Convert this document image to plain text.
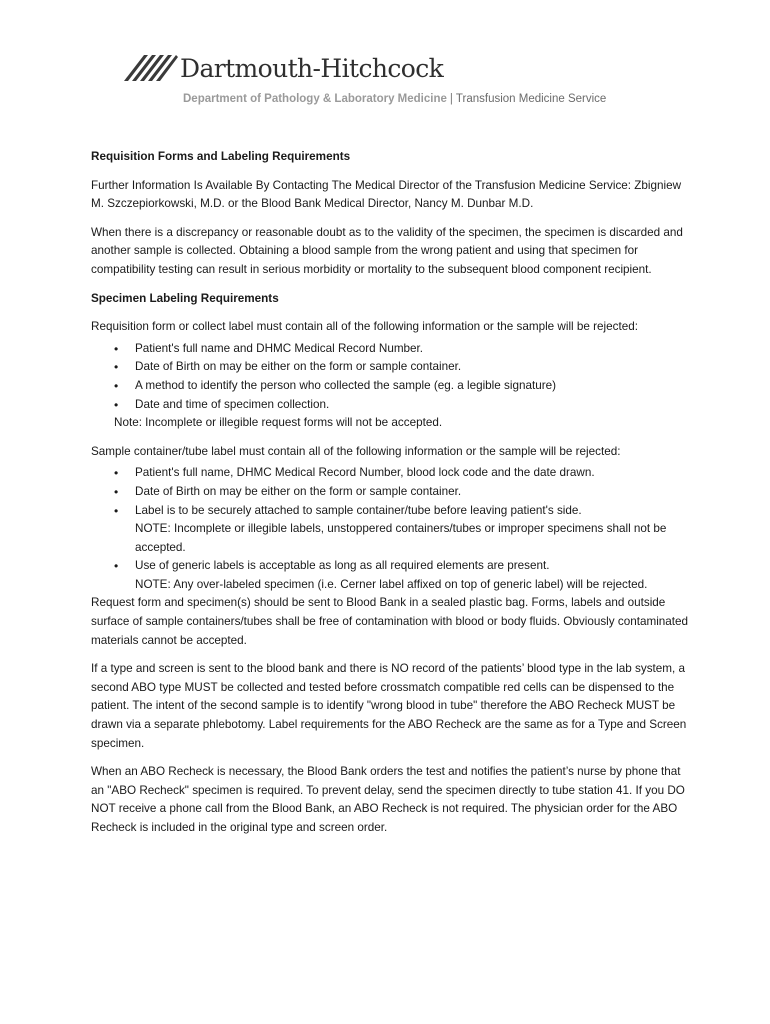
Dartmouth-Hitchcock
Department of Pathology & Laboratory Medicine | Transfusion Medicine Service

Requisition Forms and Labeling Requirements

Further Information Is Available By Contacting The Medical Director of the Transfusion Medicine Service: Zbigniew M. Szczepiorkowski, M.D. or the Blood Bank Medical Director, Nancy M. Dunbar M.D.

When there is a discrepancy or reasonable doubt as to the validity of the specimen, the specimen is discarded and another sample is collected. Obtaining a blood sample from the wrong patient and using that specimen for compatibility testing can result in serious morbidity or mortality to the subsequent blood component recipient.

Specimen Labeling Requirements

Requisition form or collect label must contain all of the following information or the sample will be rejected:

• Patient's full name and DHMC Medical Record Number.
• Date of Birth on may be either on the form or sample container.
• A method to identify the person who collected the sample (eg. a legible signature)
• Date and time of specimen collection.
Note: Incomplete or illegible request forms will not be accepted.

Sample container/tube label must contain all of the following information or the sample will be rejected:

• Patient's full name, DHMC Medical Record Number, blood lock code and the date drawn.
• Date of Birth on may be either on the form or sample container.
• Label is to be securely attached to sample container/tube before leaving patient's side.
NOTE: Incomplete or illegible labels, unstoppered containers/tubes or improper specimens shall not be accepted.
• Use of generic labels is acceptable as long as all required elements are present.
NOTE: Any over-labeled specimen (i.e. Cerner label affixed on top of generic label) will be rejected.

Request form and specimen(s) should be sent to Blood Bank in a sealed plastic bag. Forms, labels and outside surface of sample containers/tubes shall be free of contamination with blood or body fluids. Obviously contaminated materials cannot be accepted.

If a type and screen is sent to the blood bank and there is NO record of the patients’ blood type in the lab system, a second ABO type MUST be collected and tested before crossmatch compatible red cells can be dispensed to the patient. The intent of the second sample is to identify "wrong blood in tube" therefore the ABO Recheck MUST be drawn via a separate phlebotomy. Label requirements for the ABO Recheck are the same as for a Type and Screen specimen.

When an ABO Recheck is necessary, the Blood Bank orders the test and notifies the patient’s nurse by phone that an "ABO Recheck" specimen is required. To prevent delay, send the specimen directly to tube station 41. If you DO NOT receive a phone call from the Blood Bank, an ABO Recheck is not required. The physician order for the ABO Recheck is included in the original type and screen order.
